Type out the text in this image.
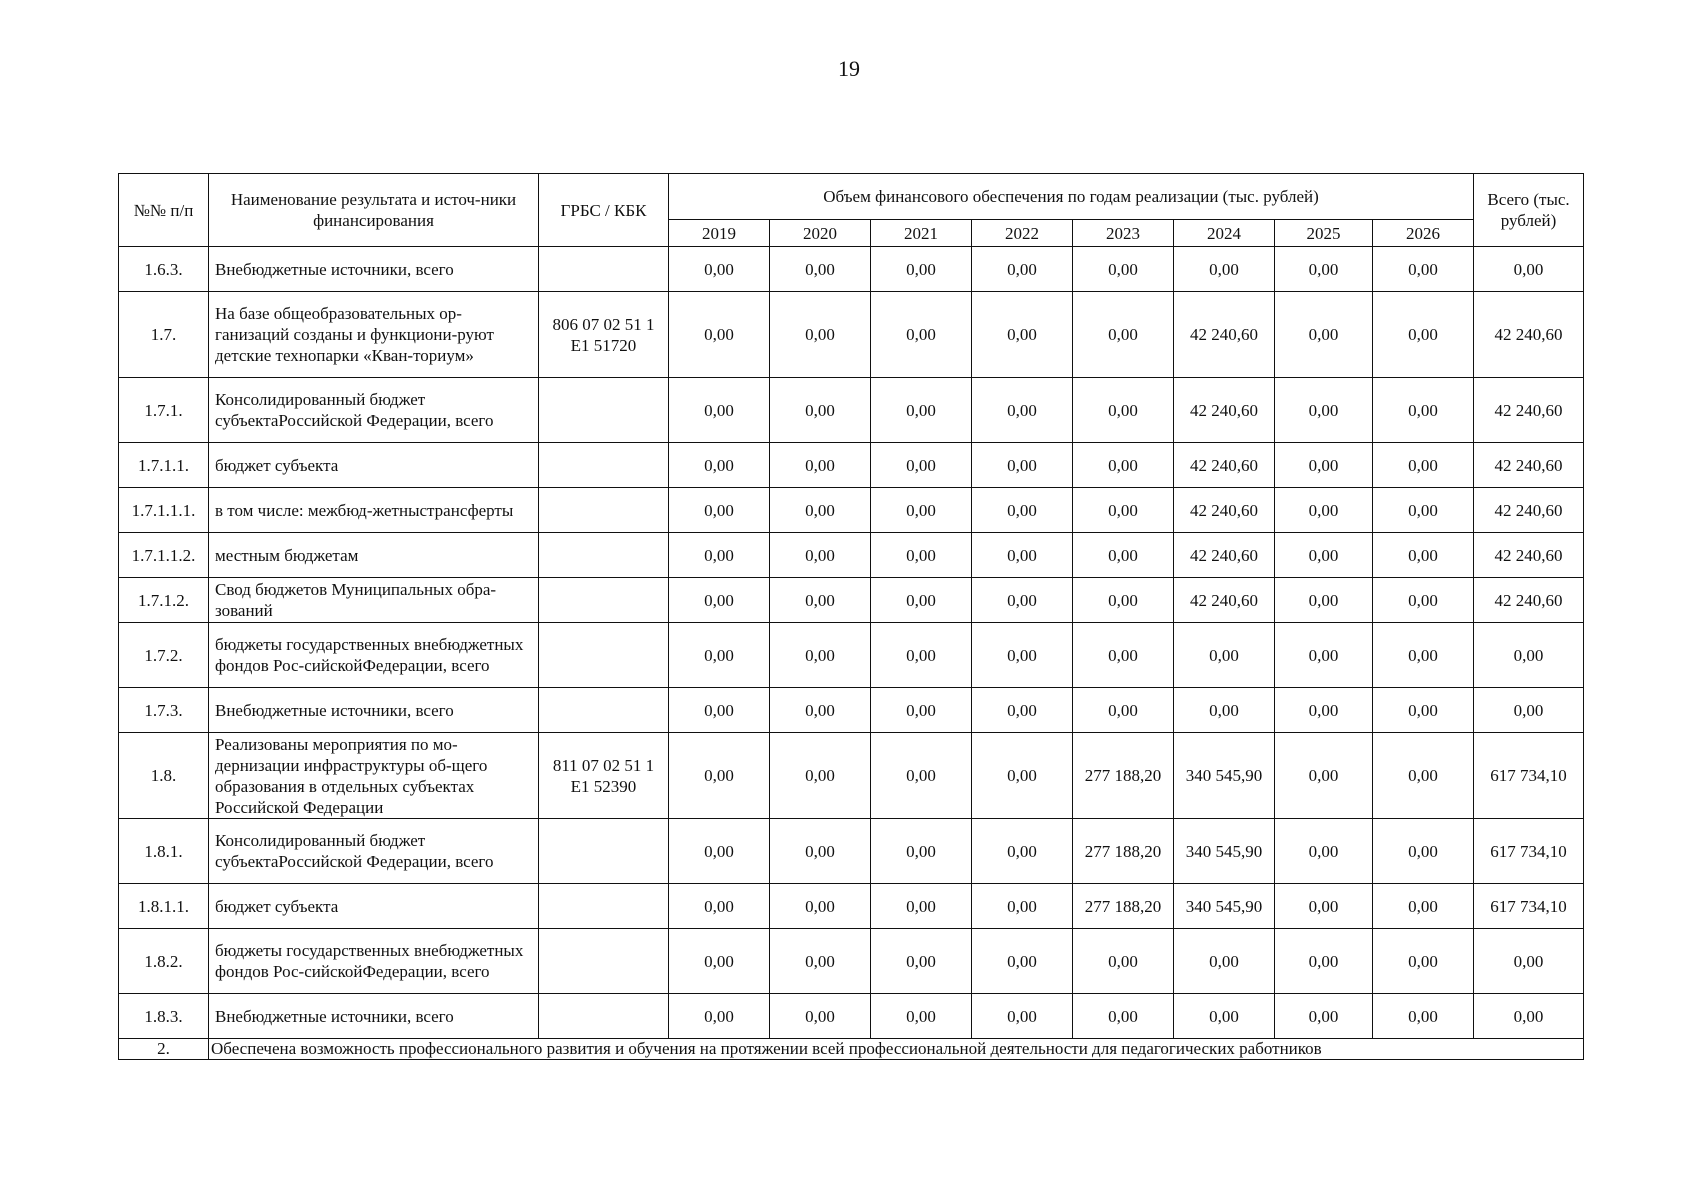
19
№№ п/п	Наименование результата и источ-ники финансирования	ГРБС / КБК	Объем финансового обеспечения по годам реализации (тыс. рублей)								Всего (тыс. рублей)
			2019	2020	2021	2022	2023	2024	2025	2026	
1.6.3.	Внебюджетные источники, всего		0,00	0,00	0,00	0,00	0,00	0,00	0,00	0,00	0,00
1.7.	На базе общеобразовательных ор-ганизаций созданы и функциони-руют детские технопарки «Кван-ториум»	806 07 02 51 1 E1 51720	0,00	0,00	0,00	0,00	0,00	42 240,60	0,00	0,00	42 240,60
1.7.1.	Консолидированный бюджет субъектаРоссийской Федерации, всего		0,00	0,00	0,00	0,00	0,00	42 240,60	0,00	0,00	42 240,60
1.7.1.1.	бюджет субъекта		0,00	0,00	0,00	0,00	0,00	42 240,60	0,00	0,00	42 240,60
1.7.1.1.1.	в том числе: межбюд-жетныстрансферты		0,00	0,00	0,00	0,00	0,00	42 240,60	0,00	0,00	42 240,60
1.7.1.1.2.	местным бюджетам		0,00	0,00	0,00	0,00	0,00	42 240,60	0,00	0,00	42 240,60
1.7.1.2.	Свод бюджетов Муниципальных обра-зований		0,00	0,00	0,00	0,00	0,00	42 240,60	0,00	0,00	42 240,60
1.7.2.	бюджеты государственных внебюджетных фондов Рос-сийскойФедерации, всего		0,00	0,00	0,00	0,00	0,00	0,00	0,00	0,00	0,00
1.7.3.	Внебюджетные источники, всего		0,00	0,00	0,00	0,00	0,00	0,00	0,00	0,00	0,00
1.8.	Реализованы мероприятия по мо-дернизации инфраструктуры об-щего образования в отдельных субъектах Российской Федерации	811 07 02 51 1 E1 52390	0,00	0,00	0,00	0,00	277 188,20	340 545,90	0,00	0,00	617 734,10
1.8.1.	Консолидированный бюджет субъектаРоссийской Федерации, всего		0,00	0,00	0,00	0,00	277 188,20	340 545,90	0,00	0,00	617 734,10
1.8.1.1.	бюджет субъекта		0,00	0,00	0,00	0,00	277 188,20	340 545,90	0,00	0,00	617 734,10
1.8.2.	бюджеты государственных внебюджетных фондов Рос-сийскойФедерации, всего		0,00	0,00	0,00	0,00	0,00	0,00	0,00	0,00	0,00
1.8.3.	Внебюджетные источники, всего		0,00	0,00	0,00	0,00	0,00	0,00	0,00	0,00	0,00
2.	Обеспечена возможность профессионального развития и обучения на протяжении всей профессиональной деятельности для педагогических работников										
